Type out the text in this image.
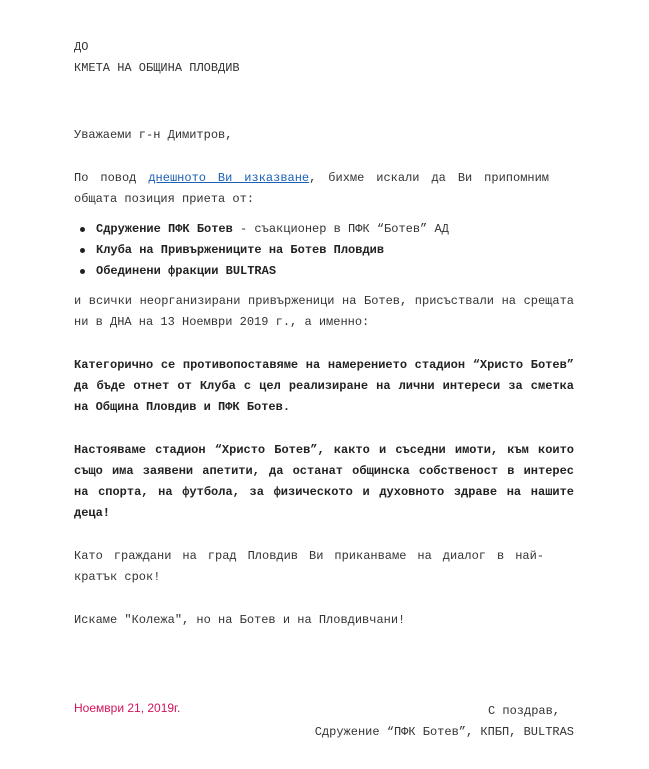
ДО
КМЕТА НА ОБЩИНА ПЛОВДИВ
Уважаеми г-н Димитров,
По повод днешното Ви изказване, бихме искали да Ви припомним общата позиция приета от:
Сдружение ПФК Ботев - съакционер в ПФК “Ботев” АД
Клуба на Привържениците на Ботев Пловдив
Обединени фракции BULTRAS
и всички неорганизирани привърженици на Ботев, присъствали на срещата ни в ДНА на 13 Ноември 2019 г., а именно:
Категорично се противопоставяме на намерението стадион “Христо Ботев” да бъде отнет от Клуба с цел реализиране на лични интереси за сметка на Община Пловдив и ПФК Ботев.
Настояваме стадион “Христо Ботев”, както и съседни имоти, към които също има заявени апетити, да останат общинска собственост в интерес на спорта, на футбола, за физическото и духовното здраве на нашите деца!
Като граждани на град Пловдив Ви приканваме на диалог в най-кратък срок!
Искаме "Колежа", но на Ботев и на Пловдивчани!
Ноември 21, 2019г.	С поздрав,
Сдружение “ПФК Ботев”, КПБП, BULTRAS
